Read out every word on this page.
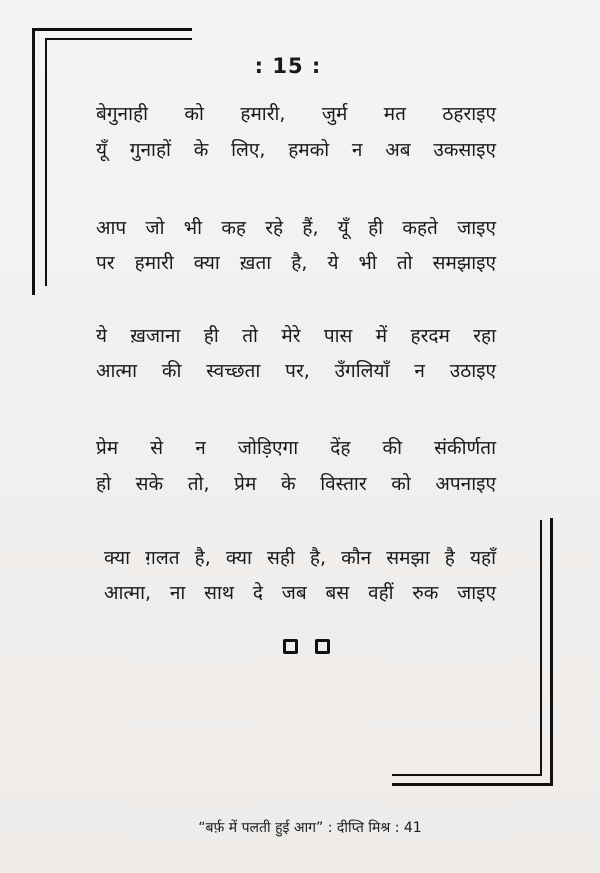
: 15 :
बेगुनाही को हमारी, जुर्म मत ठहराइए
यूँ गुनाहों के लिए, हमको न अब उकसाइए
आप जो भी कह रहे हैं, यूँ ही कहते जाइए
पर हमारी क्या ख़ता है, ये भी तो समझाइए
ये ख़जाना ही तो मेरे पास में हरदम रहा
आत्मा की स्वच्छता पर, उँगलियाँ न उठाइए
प्रेम से न जोड़िएगा देंह की संकीर्णता
हो सके तो, प्रेम के विस्तार को अपनाइए
क्या ग़लत है, क्या सही है, कौन समझा है यहाँ
आत्मा, ना साथ दे जब बस वहीं रुक जाइए
“बर्फ़ में पलती हुई आग” : दीप्ति मिश्र : 41
